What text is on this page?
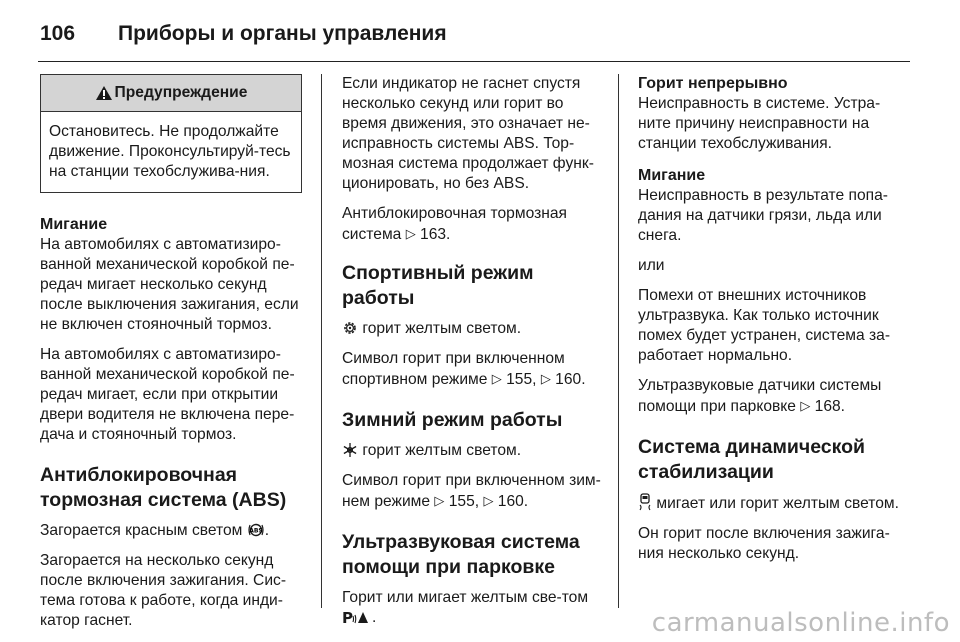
106	Приборы и органы управления
Предупреждение
Остановитесь. Не продолжайте движение. Проконсультируй-тесь на станции техобслужива-ния.
Мигание

На автомобилях с автоматизиро-ванной механической коробкой пе-редач мигает несколько секунд после выключения зажигания, если не включен стояночный тормоз.

На автомобилях с автоматизиро-ванной механической коробкой пе-редач мигает, если при открытии двери водителя не включена пере-дача и стояночный тормоз.

Антиблокировочная тормозная система (ABS)

Загорается красным светом ABS .

Загорается на несколько секунд после включения зажигания. Сис-тема готова к работе, когда инди-катор гаснет.

Если индикатор не гаснет спустя несколько секунд или горит во время движения, это означает не-исправность системы ABS. Тор-мозная система продолжает функ-ционировать, но без ABS.

Антиблокировочная тормозная система ▷ 163.

Спортивный режим работы

горит желтым светом.

Символ горит при включенном спортивном режиме ▷ 155, ▷ 160.

Зимний режим работы

горит желтым светом.

Символ горит при включенном зим-нем режиме ▷ 155, ▷ 160.

Ультразвуковая система помощи при парковке

Горит или мигает желтым све-том
P .

Горит непрерывно

Неисправность в системе. Устра-ните причину неисправности на станции техобслуживания.

Мигание

Неисправность в результате попа-дания на датчики грязи, льда или снега.

или

Помехи от внешних источников ультразвука. Как только источник помех будет устранен, система за-работает нормально.

Ультразвуковые датчики системы помощи при парковке ▷ 168.

Система динамической стабилизации

мигает или горит желтым светом.

Он горит после включения зажига-ния несколько секунд.

carmanualsonline.info
